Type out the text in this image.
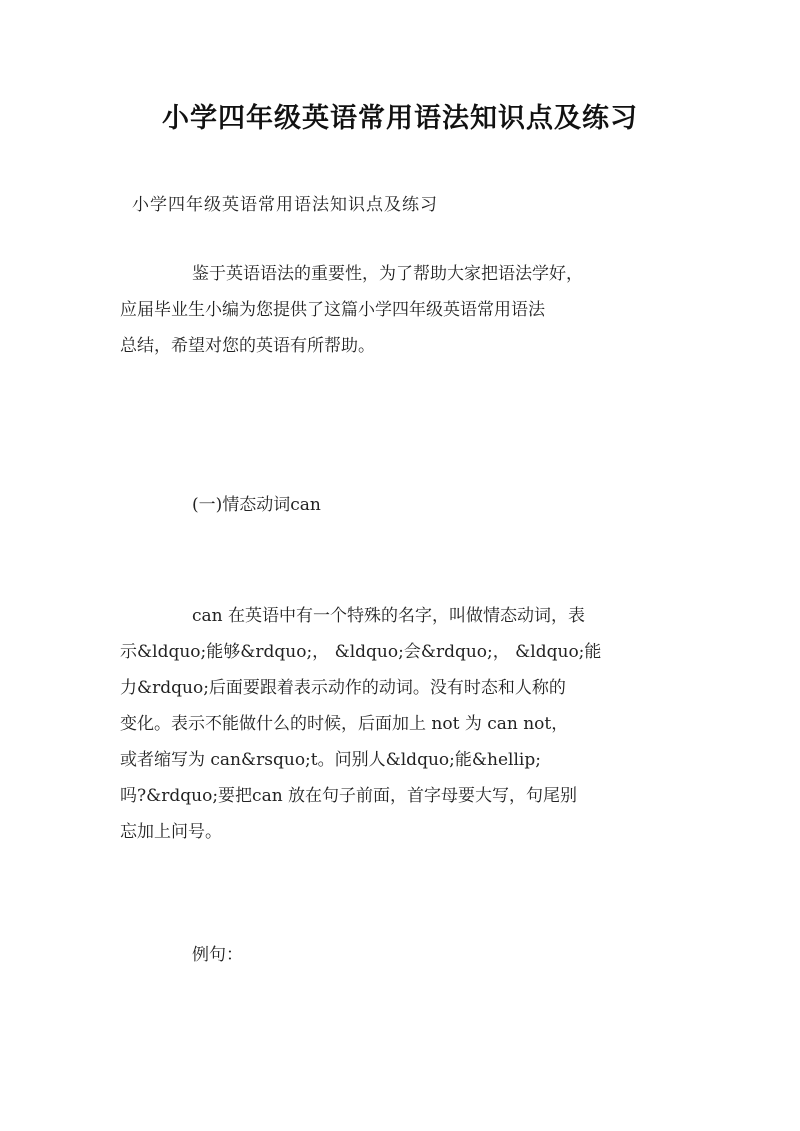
小学四年级英语常用语法知识点及练习
小学四年级英语常用语法知识点及练习
鉴于英语语法的重要性，为了帮助大家把语法学好，
应届毕业生小编为您提供了这篇小学四年级英语常用语法
总结，希望对您的英语有所帮助。
(一)情态动词can
can 在英语中有一个特殊的名字，叫做情态动词，表
示&ldquo;能够&rdquo;， &ldquo;会&rdquo;， &ldquo;能
力&rdquo;后面要跟着表示动作的动词。没有时态和人称的
变化。表示不能做什么的时候，后面加上 not 为 can not，
或者缩写为 can&rsquo;t。问别人&ldquo;能&hellip;
吗?&rdquo;要把can 放在句子前面，首字母要大写，句尾别
忘加上问号。
例句：
